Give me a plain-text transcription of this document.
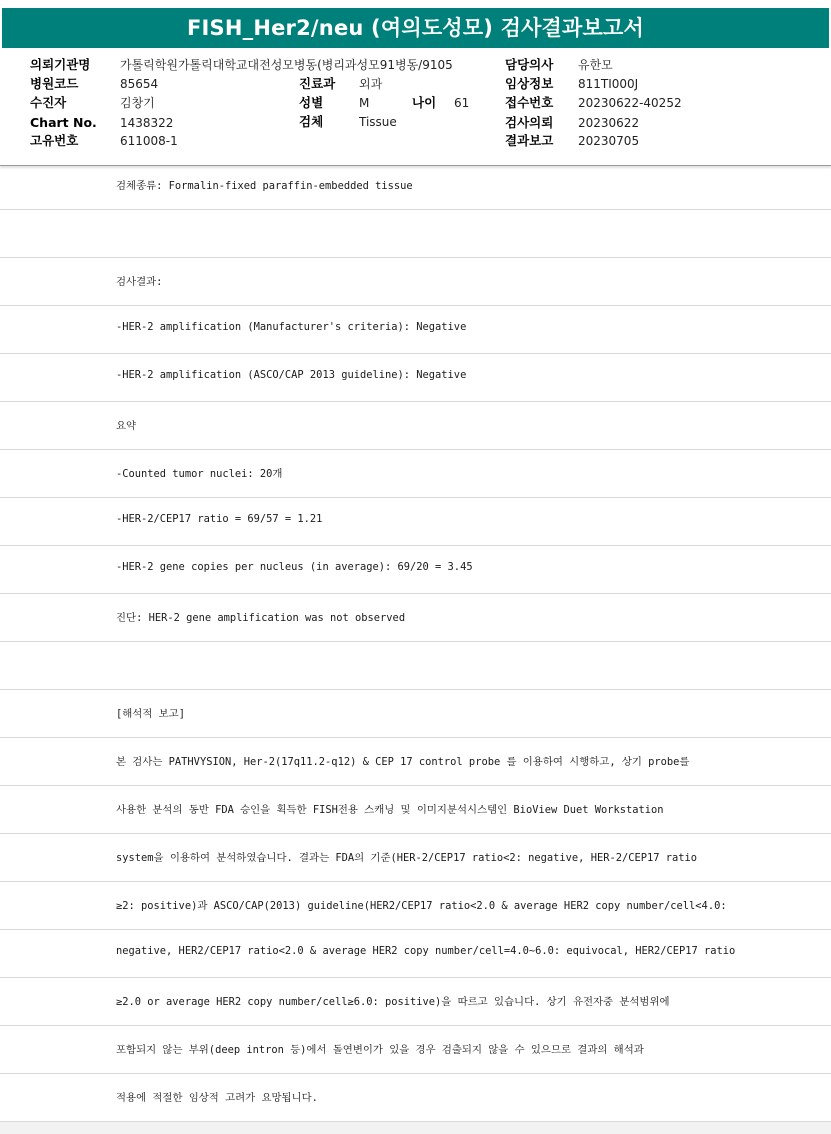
FISH_Her2/neu (여의도성모) 검사결과보고서
의뢰기관명 가톨릭학원가톨릭대학교대전성모병동(병리과성모91병동/9105	담당의사 유한모
병원코드	85654	진료과 외과	임상정보 811TI000J
수진자	김창기	성별	M	나이 61	접수번호 20230622-40252
Chart No. 1438322	검체	Tissue	검사의뢰 20230622
고유번호	611008-1	결과보고 20230705
검체종류: Formalin-fixed paraffin-embedded tissue
검사결과:
-HER-2 amplification (Manufacturer's criteria): Negative
-HER-2 amplification (ASCO/CAP 2013 guideline): Negative
요약
-Counted tumor nuclei: 20개
-HER-2/CEP17 ratio = 69/57 = 1.21
-HER-2 gene copies per nucleus (in average): 69/20 = 3.45
진단: HER-2 gene amplification was not observed
[해석적 보고]
본 검사는 PATHVYSION, Her-2(17q11.2-q12) & CEP 17 control probe 를 이용하여 시행하고, 상기 probe를
사용한 분석의 동반 FDA 승인을 획득한 FISH전용 스캐닝 및 이미지분석시스템인 BioView Duet Workstation
system을 이용하여 분석하였습니다. 결과는 FDA의 기준(HER-2/CEP17 ratio<2: negative, HER-2/CEP17 ratio
≥2: positive)과 ASCO/CAP(2013) guideline(HER2/CEP17 ratio<2.0 & average HER2 copy number/cell<4.0:
negative, HER2/CEP17 ratio<2.0 & average HER2 copy number/cell=4.0~6.0: equivocal, HER2/CEP17 ratio
≥2.0 or average HER2 copy number/cell≥6.0: positive)을 따르고 있습니다. 상기 유전자중 분석범위에
포함되지 않는 부위(deep intron 등)에서 돌연변이가 있을 경우 검출되지 않을 수 있으므로 결과의 해석과
적용에 적절한 임상적 고려가 요망됩니다.
